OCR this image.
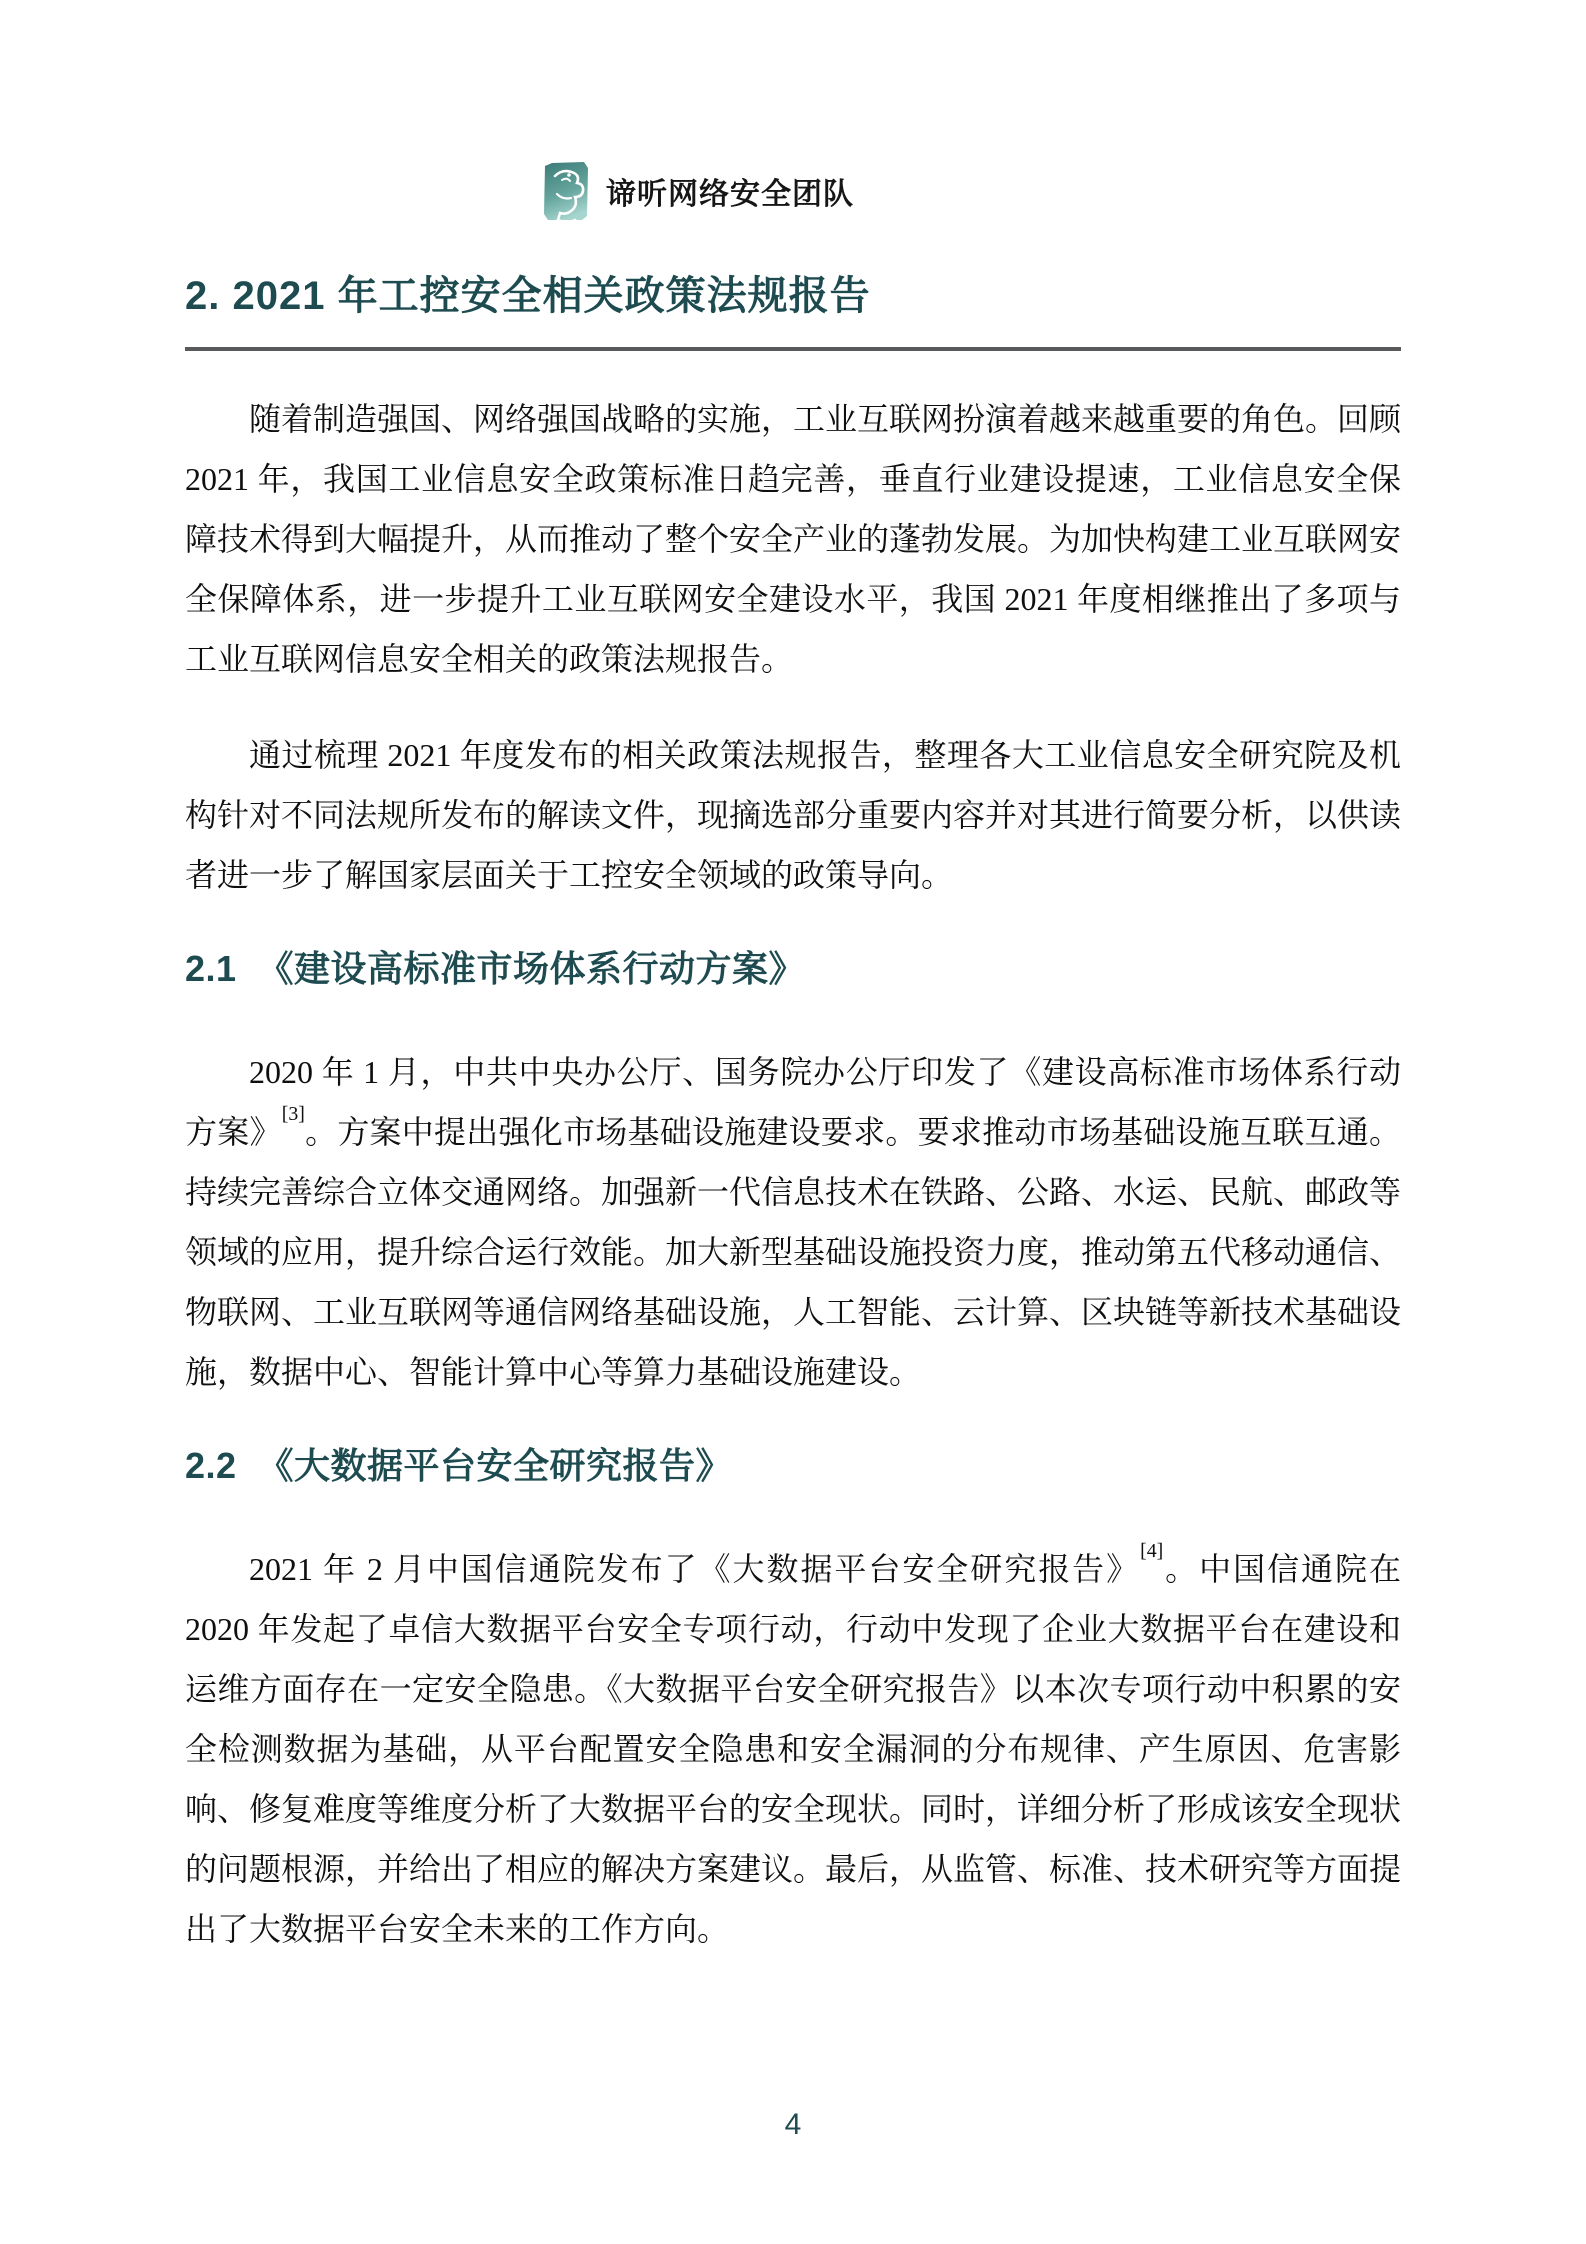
谛听网络安全团队
2. 2021 年工控安全相关政策法规报告

随着制造强国、网络强国战略的实施，工业互联网扮演着越来越重要的角色。回顾 2021 年，我国工业信息安全政策标准日趋完善，垂直行业建设提速，工业信息安全保障技术得到大幅提升，从而推动了整个安全产业的蓬勃发展。为加快构建工业互联网安全保障体系，进一步提升工业互联网安全建设水平，我国 2021 年度相继推出了多项与工业互联网信息安全相关的政策法规报告。

通过梳理 2021 年度发布的相关政策法规报告，整理各大工业信息安全研究院及机构针对不同法规所发布的解读文件，现摘选部分重要内容并对其进行简要分析，以供读者进一步了解国家层面关于工控安全领域的政策导向。

2.1  《建设高标准市场体系行动方案》

2020 年 1 月，中共中央办公厅、国务院办公厅印发了《建设高标准市场体系行动方案》[3]。方案中提出强化市场基础设施建设要求。要求推动市场基础设施互联互通。持续完善综合立体交通网络。加强新一代信息技术在铁路、公路、水运、民航、邮政等领域的应用，提升综合运行效能。加大新型基础设施投资力度，推动第五代移动通信、物联网、工业互联网等通信网络基础设施，人工智能、云计算、区块链等新技术基础设施，数据中心、智能计算中心等算力基础设施建设。

2.2  《大数据平台安全研究报告》

2021 年 2 月中国信通院发布了《大数据平台安全研究报告》[4]。中国信通院在 2020 年发起了卓信大数据平台安全专项行动，行动中发现了企业大数据平台在建设和运维方面存在一定安全隐患。《大数据平台安全研究报告》以本次专项行动中积累的安全检测数据为基础，从平台配置安全隐患和安全漏洞的分布规律、产生原因、危害影响、修复难度等维度分析了大数据平台的安全现状。同时，详细分析了形成该安全现状的问题根源，并给出了相应的解决方案建议。最后，从监管、标准、技术研究等方面提出了大数据平台安全未来的工作方向。

4
